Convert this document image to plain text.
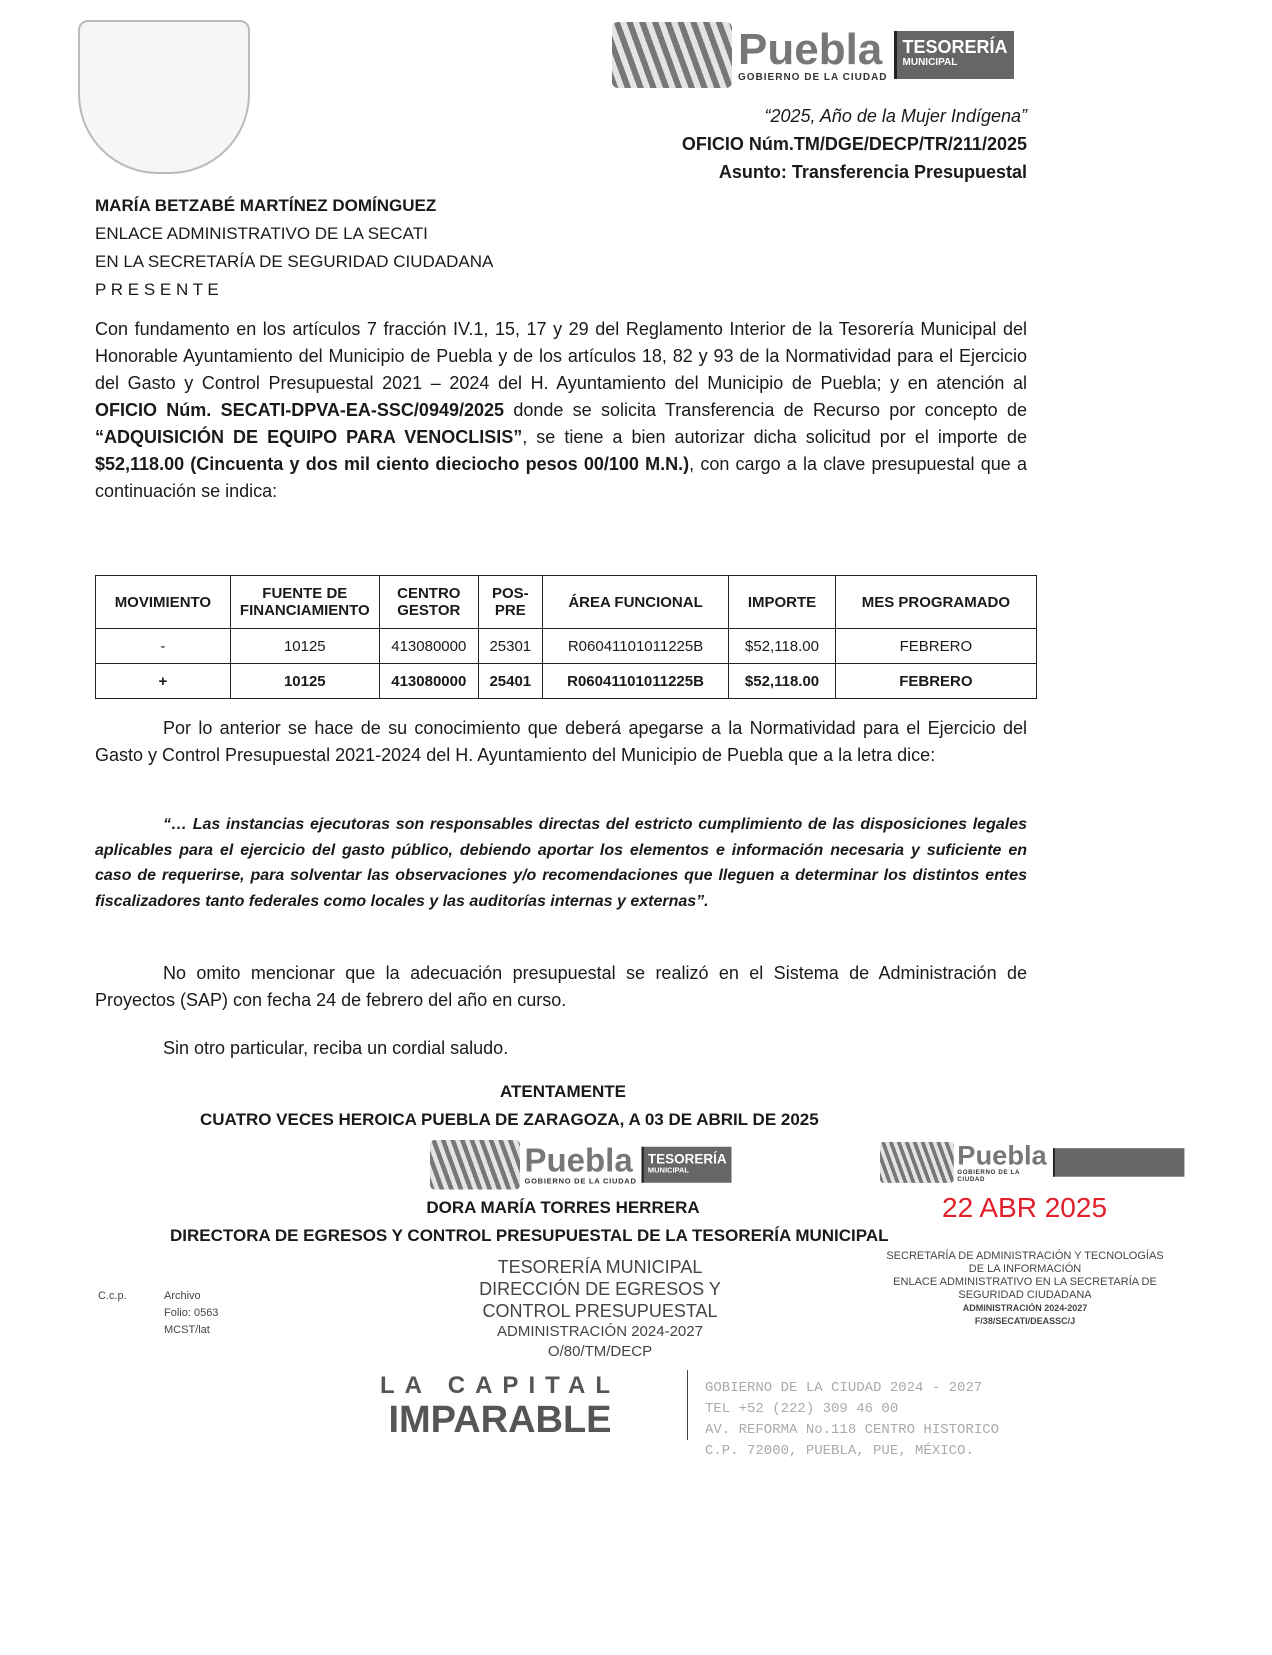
Puebla
GOBIERNO DE LA CIUDAD
TESORERÍA
MUNICIPAL
“2025, Año de la Mujer Indígena”
OFICIO Núm.TM/DGE/DECP/TR/211/2025
Asunto: Transferencia Presupuestal
MARÍA BETZABÉ MARTÍNEZ DOMÍNGUEZ
ENLACE ADMINISTRATIVO DE LA SECATI
EN LA SECRETARÍA DE SEGURIDAD CIUDADANA
P R E S E N T E
Con fundamento en los artículos 7 fracción IV.1, 15, 17 y 29 del Reglamento Interior de la Tesorería Municipal del Honorable Ayuntamiento del Municipio de Puebla y de los artículos 18, 82 y 93 de la Normatividad para el Ejercicio del Gasto y Control Presupuestal 2021 – 2024 del H. Ayuntamiento del Municipio de Puebla; y en atención al OFICIO Núm. SECATI-DPVA-EA-SSC/0949/2025 donde se solicita Transferencia de Recurso por concepto de “ADQUISICIÓN DE EQUIPO PARA VENOCLISIS”, se tiene a bien autorizar dicha solicitud por el importe de $52,118.00 (Cincuenta y dos mil ciento dieciocho pesos 00/100 M.N.), con cargo a la clave presupuestal que a continuación se indica:
MOVIMIENTO	FUENTE DE FINANCIAMIENTO	CENTRO GESTOR	POS-PRE	ÁREA FUNCIONAL	IMPORTE	MES PROGRAMADO
-	10125	413080000	25301	R06041101011225B	$52,118.00	FEBRERO
+	10125	413080000	25401	R06041101011225B	$52,118.00	FEBRERO
Por lo anterior se hace de su conocimiento que deberá apegarse a la Normatividad para el Ejercicio del Gasto y Control Presupuestal 2021-2024 del H. Ayuntamiento del Municipio de Puebla que a la letra dice:
“… Las instancias ejecutoras son responsables directas del estricto cumplimiento de las disposiciones legales aplicables para el ejercicio del gasto público, debiendo aportar los elementos e información necesaria y suficiente en caso de requerirse, para solventar las observaciones y/o recomendaciones que lleguen a determinar los distintos entes fiscalizadores tanto federales como locales y las auditorías internas y externas”.
No omito mencionar que la adecuación presupuestal se realizó en el Sistema de Administración de Proyectos (SAP) con fecha 24 de febrero del año en curso.
Sin otro particular, reciba un cordial saludo.
ATENTAMENTE
CUATRO VECES HEROICA PUEBLA DE ZARAGOZA, A 03 DE ABRIL DE 2025
Puebla
GOBIERNO DE LA CIUDAD
TESORERÍA
MUNICIPAL
DORA MARÍA TORRES HERRERA
DIRECTORA DE EGRESOS Y CONTROL PRESUPUESTAL DE LA TESORERÍA MUNICIPAL
TESORERÍA MUNICIPAL
DIRECCIÓN DE EGRESOS Y
CONTROL PRESUPUESTAL
ADMINISTRACIÓN 2024-2027
O/80/TM/DECP
Puebla
GOBIERNO DE LA CIUDAD
22 ABR 2025
SECRETARÍA DE ADMINISTRACIÓN Y TECNOLOGÍAS
DE LA INFORMACIÓN
ENLACE ADMINISTRATIVO EN LA SECRETARÍA DE
SEGURIDAD CIUDADANA
ADMINISTRACIÓN 2024-2027
F/38/SECATI/DEASSC/J
C.c.p.	Archivo
Folio: 0563
MCST/lat
LA CAPITAL
IMPARABLE
GOBIERNO DE LA CIUDAD 2024 - 2027
TEL +52 (222) 309 46 00
AV. REFORMA No.118 CENTRO HISTORICO
C.P. 72000, PUEBLA, PUE, MÉXICO.
